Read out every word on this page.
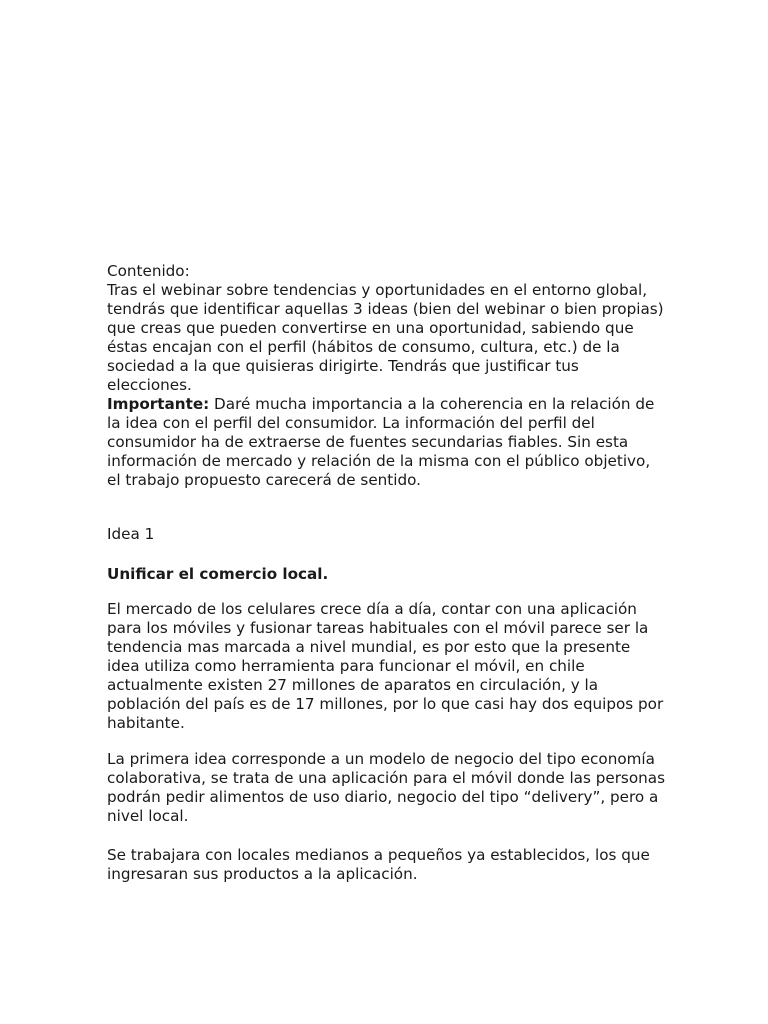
Contenido:

Tras el webinar sobre tendencias y oportunidades en el entorno global, tendrás que identificar aquellas 3 ideas (bien del webinar o bien propias) que creas que pueden convertirse en una oportunidad, sabiendo que éstas encajan con el perfil (hábitos de consumo, cultura, etc.) de la sociedad a la que quisieras dirigirte. Tendrás que justificar tus elecciones.

Importante: Daré mucha importancia a la coherencia en la relación de la idea con el perfil del consumidor. La información del perfil del consumidor ha de extraerse de fuentes secundarias fiables. Sin esta información de mercado y relación de la misma con el público objetivo, el trabajo propuesto carecerá de sentido.

Idea 1
Unificar el comercio local.

El mercado de los celulares crece día a día, contar con una aplicación para los móviles y fusionar tareas habituales con el móvil parece ser la tendencia mas marcada a nivel mundial, es por esto que la presente idea utiliza como herramienta para funcionar el móvil, en chile actualmente existen 27 millones de aparatos en circulación, y la población del país es de 17 millones, por lo que casi hay dos equipos por habitante.

La primera idea corresponde a un modelo de negocio del tipo economía colaborativa, se trata de una aplicación para el móvil donde las personas podrán pedir alimentos de uso diario, negocio del tipo “delivery”, pero a nivel local.

Se trabajara con locales medianos a pequeños ya establecidos, los que ingresaran sus productos a la aplicación.
